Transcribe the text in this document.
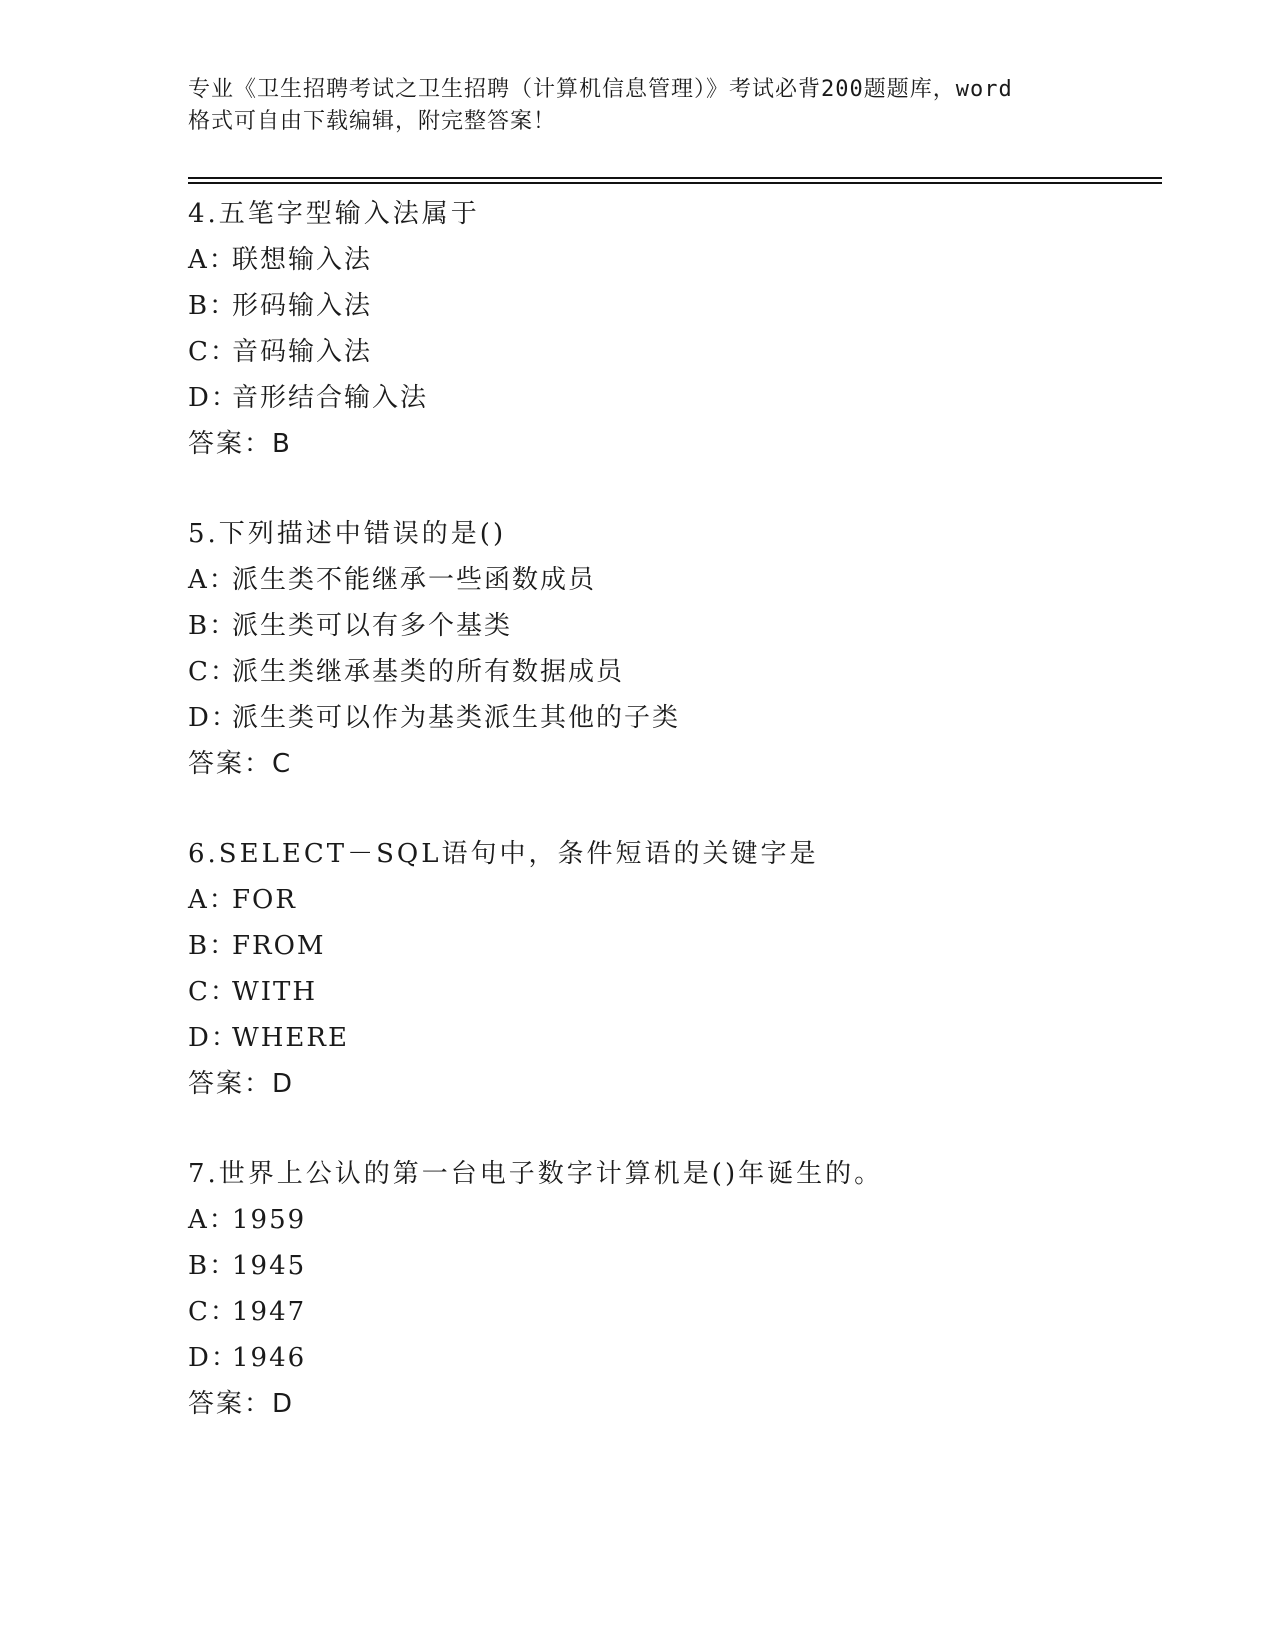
专业《卫生招聘考试之卫生招聘（计算机信息管理）》考试必背200题题库，word
格式可自由下载编辑，附完整答案！
4.五笔字型输入法属于
A：联想输入法
B：形码输入法
C：音码输入法
D：音形结合输入法
答案：B
5.下列描述中错误的是()
A：派生类不能继承一些函数成员
B：派生类可以有多个基类
C：派生类继承基类的所有数据成员
D：派生类可以作为基类派生其他的子类
答案：C
6.SELECT－SQL语句中，条件短语的关键字是
A：FOR
B：FROM
C：WITH
D：WHERE
答案：D
7.世界上公认的第一台电子数字计算机是()年诞生的。
A：1959
B：1945
C：1947
D：1946
答案：D
